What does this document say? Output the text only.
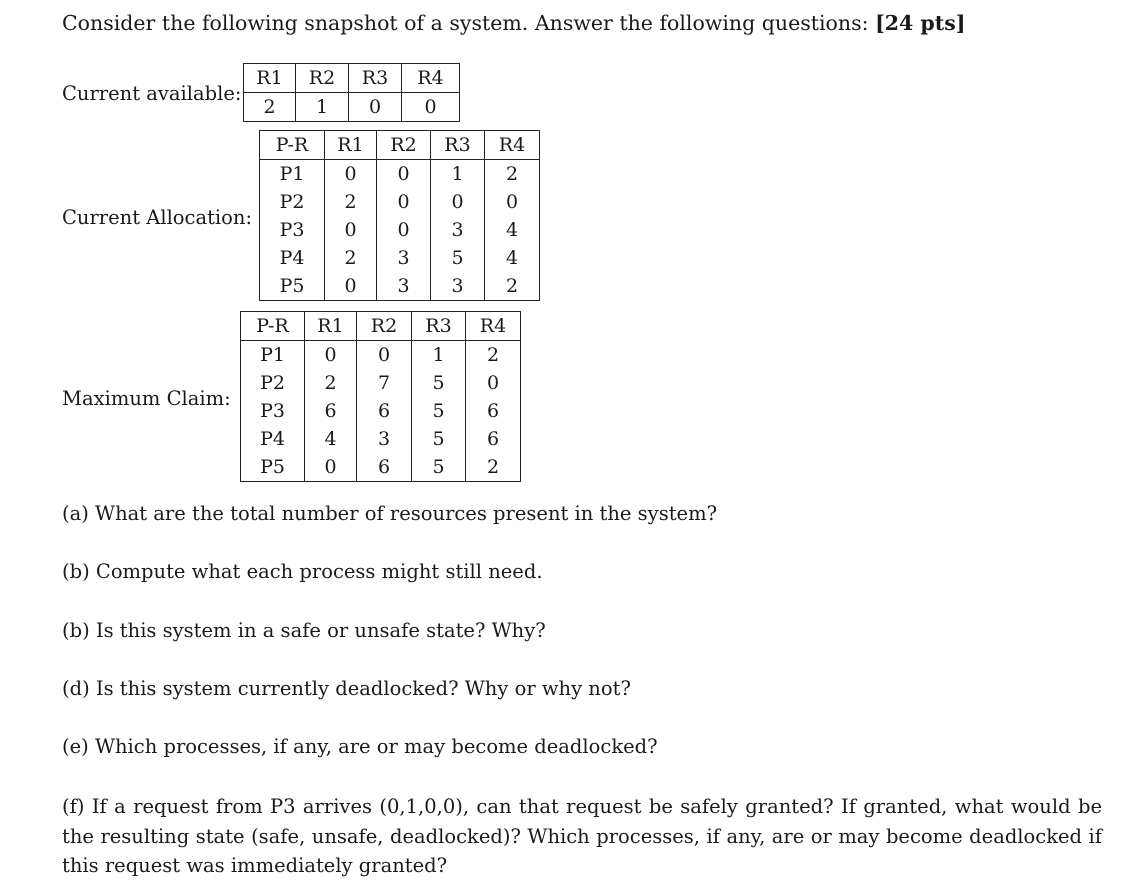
Consider the following snapshot of a system. Answer the following questions: [24 pts]
Current available:
R1	R2	R3	R4
2	1	0	0
Current Allocation:
P-R	R1	R2	R3	R4
P1	0	0	1	2
P2	2	0	0	0
P3	0	0	3	4
P4	2	3	5	4
P5	0	3	3	2
Maximum Claim:
P-R	R1	R2	R3	R4
P1	0	0	1	2
P2	2	7	5	0
P3	6	6	5	6
P4	4	3	5	6
P5	0	6	5	2
(a) What are the total number of resources present in the system?
(b) Compute what each process might still need.
(b) Is this system in a safe or unsafe state? Why?
(d) Is this system currently deadlocked? Why or why not?
(e) Which processes, if any, are or may become deadlocked?
(f) If a request from P3 arrives (0,1,0,0), can that request be safely granted? If granted, what would be the resulting state (safe, unsafe, deadlocked)? Which processes, if any, are or may become deadlocked if this request was immediately granted?
